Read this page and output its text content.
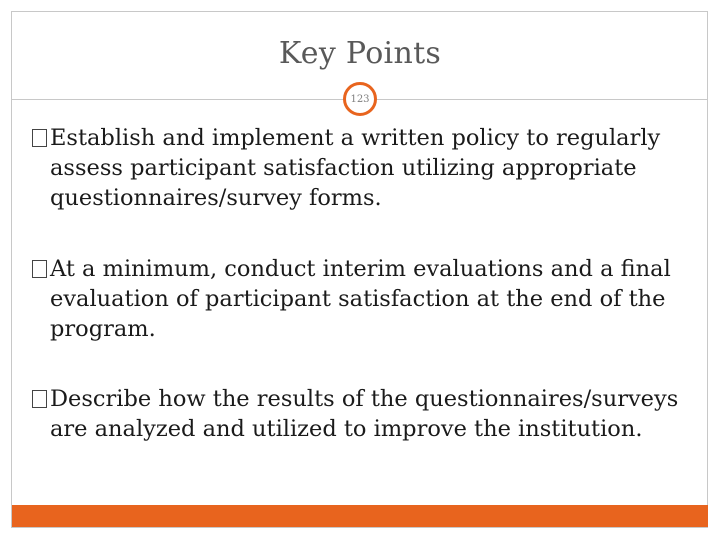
Key Points
123
Establish and implement a written policy to regularly assess participant satisfaction utilizing appropriate questionnaires/survey forms.
At a minimum, conduct interim evaluations and a final evaluation of participant satisfaction at the end of the program.
Describe how the results of the questionnaires/surveys are analyzed and utilized to improve the institution.
